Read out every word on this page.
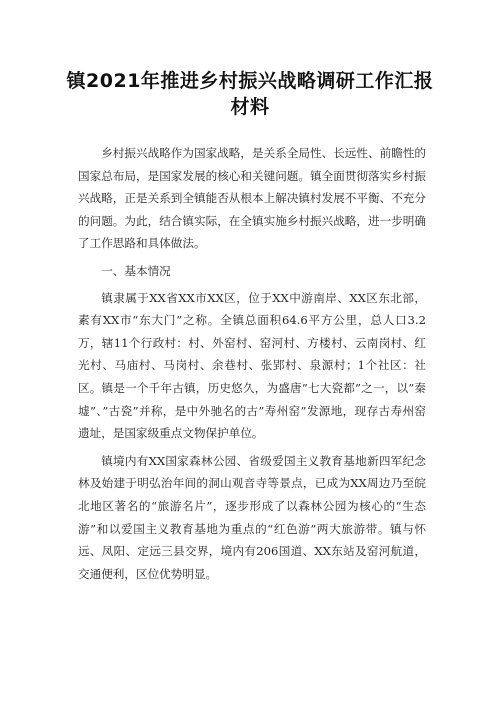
镇2021年推进乡村振兴战略调研工作汇报材料

乡村振兴战略作为国家战略，是关系全局性、长远性、前瞻性的国家总布局，是国家发展的核心和关键问题。镇全面贯彻落实乡村振兴战略，正是关系到全镇能否从根本上解决镇村发展不平衡、不充分的问题。为此，结合镇实际，在全镇实施乡村振兴战略，进一步明确了工作思路和具体做法。

一、基本情况

镇隶属于XX省XX市XX区，位于XX中游南岸、XX区东北部，素有XX市“东大门”之称。全镇总面积64.6平方公里，总人口3.2万，辖11个行政村：村、外窑村、窑河村、方楼村、云南岗村、红光村、马庙村、马岗村、余巷村、张郢村、泉源村；1个社区：社区。镇是一个千年古镇，历史悠久，为盛唐”七大瓷都”之一，以”秦墟”、”古瓷”并称，是中外驰名的古”寿州窑”发源地，现存古寿州窑遗址，是国家级重点文物保护单位。

镇境内有XX国家森林公园、省级爱国主义教育基地新四军纪念林及始建于明弘治年间的洞山观音寺等景点，已成为XX周边乃至皖北地区著名的“旅游名片”，逐步形成了以森林公园为核心的“生态游”和以爱国主义教育基地为重点的“红色游”两大旅游带。镇与怀远、凤阳、定远三县交界，境内有206国道、XX东站及窑河航道，交通便利，区位优势明显。
